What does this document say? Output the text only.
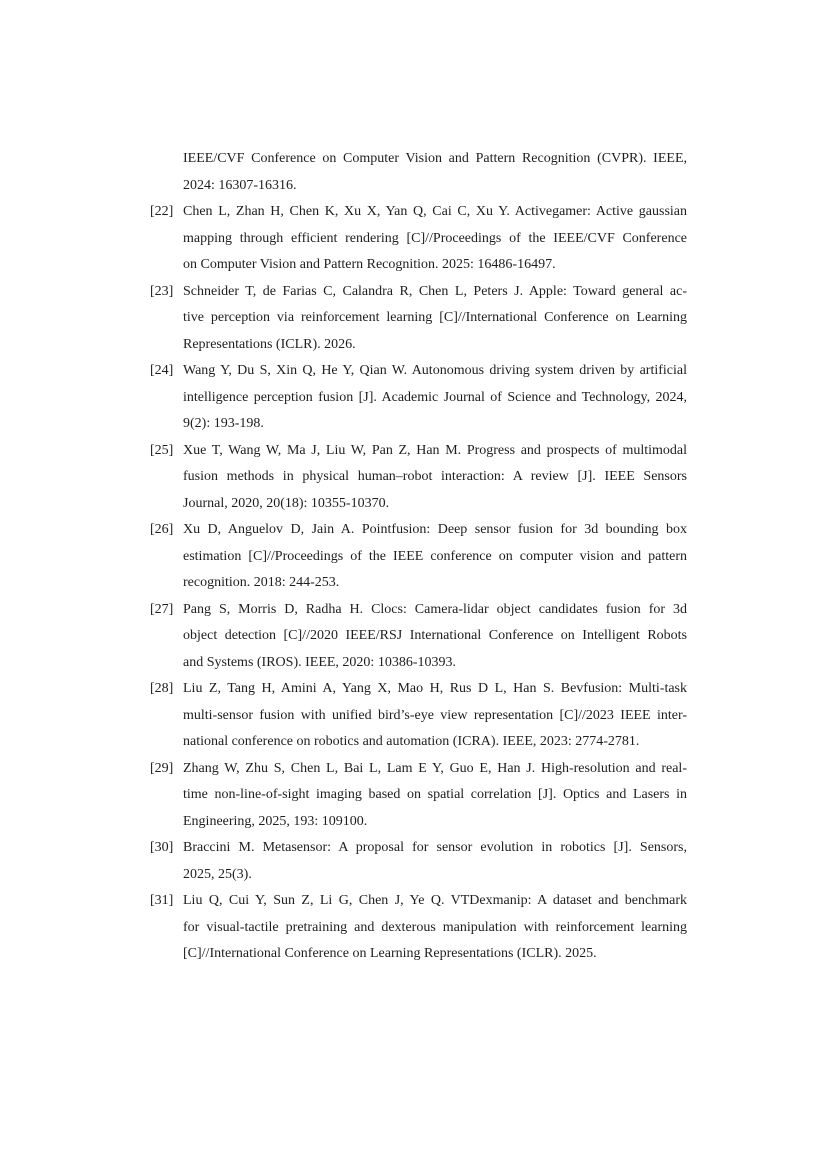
IEEE/CVF Conference on Computer Vision and Pattern Recognition (CVPR). IEEE,
2024: 16307-16316.
[22] Chen L, Zhan H, Chen K, Xu X, Yan Q, Cai C, Xu Y. Activegamer: Active gaussian
mapping through efficient rendering [C]//Proceedings of the IEEE/CVF Conference
on Computer Vision and Pattern Recognition. 2025: 16486-16497.
[23] Schneider T, de Farias C, Calandra R, Chen L, Peters J. Apple: Toward general ac-
tive perception via reinforcement learning [C]//International Conference on Learning
Representations (ICLR). 2026.
[24] Wang Y, Du S, Xin Q, He Y, Qian W. Autonomous driving system driven by artificial
intelligence perception fusion [J]. Academic Journal of Science and Technology, 2024,
9(2): 193-198.
[25] Xue T, Wang W, Ma J, Liu W, Pan Z, Han M. Progress and prospects of multimodal
fusion methods in physical human–robot interaction: A review [J]. IEEE Sensors
Journal, 2020, 20(18): 10355-10370.
[26] Xu D, Anguelov D, Jain A. Pointfusion: Deep sensor fusion for 3d bounding box
estimation [C]//Proceedings of the IEEE conference on computer vision and pattern
recognition. 2018: 244-253.
[27] Pang S, Morris D, Radha H. Clocs: Camera-lidar object candidates fusion for 3d
object detection [C]//2020 IEEE/RSJ International Conference on Intelligent Robots
and Systems (IROS). IEEE, 2020: 10386-10393.
[28] Liu Z, Tang H, Amini A, Yang X, Mao H, Rus D L, Han S. Bevfusion: Multi-task
multi-sensor fusion with unified bird’s-eye view representation [C]//2023 IEEE inter-
national conference on robotics and automation (ICRA). IEEE, 2023: 2774-2781.
[29] Zhang W, Zhu S, Chen L, Bai L, Lam E Y, Guo E, Han J. High-resolution and real-
time non-line-of-sight imaging based on spatial correlation [J]. Optics and Lasers in
Engineering, 2025, 193: 109100.
[30] Braccini M. Metasensor: A proposal for sensor evolution in robotics [J]. Sensors,
2025, 25(3).
[31] Liu Q, Cui Y, Sun Z, Li G, Chen J, Ye Q. VTDexmanip: A dataset and benchmark
for visual-tactile pretraining and dexterous manipulation with reinforcement learning
[C]//International Conference on Learning Representations (ICLR). 2025.
